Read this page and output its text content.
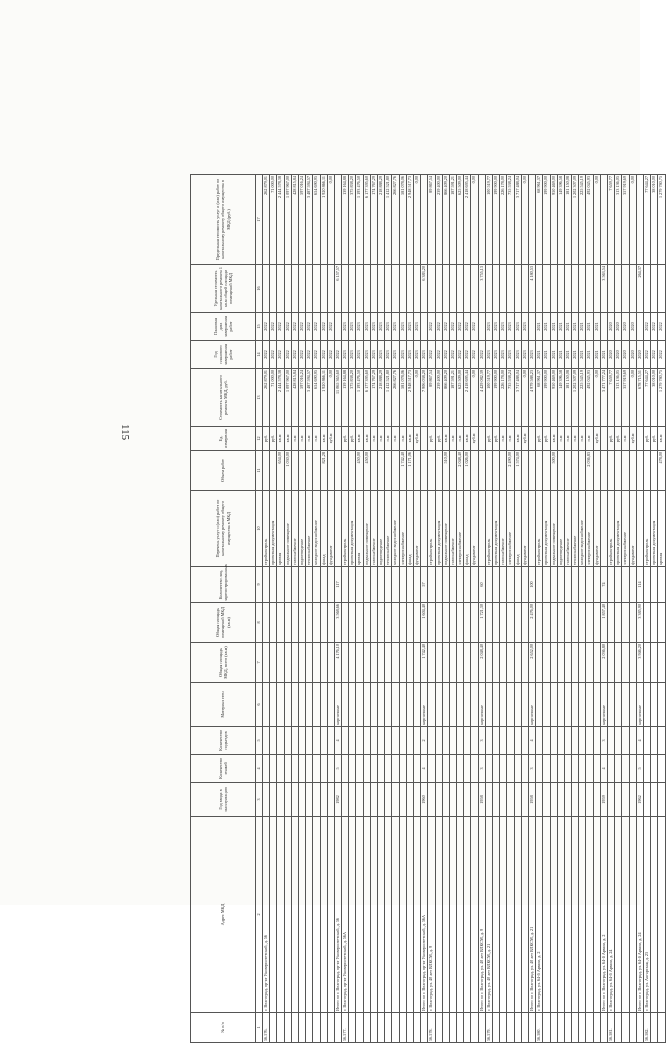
115
№ п/п	Адрес МКД	Год ввода в эксплуатацию	Количество этажей	Количество подъездов	Материал стен	Общая площадь МКД, всего (кв.м)	Общая площадь помещений МКД (кв.м)	Количество лиц, зарегистрированных	Перечень услуг и (или) работ по капитальному ремонту общего имущества в МКД	Объем работ	Ед. измерения	Стоимость капитального ремонта МКД, руб.	Год планового завершения работ	Плановая дата завершения работ	Удельная стоимость капитального ремонта 1 кв.м общей площади помещений МКД	Предельная стоимость услуг и (или) работ по капитальному ремонту общего имущества в МКД (руб.)
1	2	3	4	5	6	7	8	9	10	11	12	13	14	15	16	17
56.576.	г. Волгоград, пр-кт Университетский, д. 56								стройконтроль		руб.	262 879,01	2022	2022		262 879,01
									проектная документация		руб.	71 000,00	2022	2022		71 000,00
									кровля	654,00	кв.м	2 444 578,38	2022	2022		2 444 578,38
									подвальное помещение	1 030,00	кв.м	1 097 967,00	2022	2022		1 097 967,00
									газоснабжение		п.м	428 815,84	2022	2022		428 815,84
									водоотведение		п.м	597 016,24	2022	2022		597 016,24
									теплоснабжение		п.м	3 487 594,57	2022	2022		3 487 594,57
									холодное водоснабжение		п.м	654 690,95	2022	2022		654 690,95
									фасад	821,28	кв.м	1 920 866,11	2022	2022		1 920 866,11
									фундамент		куб.м	0,00	2022	2022		0,00
	Итого по г. Волгоград, пр-кт Университетский, д. 56	1982	5	4	кирпичные	4 176,10	3 568,66	117				11 065 365,60	2022		6 157,57	
56.577.	г. Волгоград, пр-кт Университетский, д. 56А								стройконтроль		руб.	139 164,88	2023	2023		139 164,88
									проектная документация		руб.	375 838,20	2023	2023		375 838,20
									кровля	450,00	кв.м	1 193 476,50	2023	2023		1 193 476,50
									подвальное помещение	450,00	кв.м	6 177 395,60	2023	2023		6 177 395,60
									газоснабжение		п.м	174 767,29	2023	2023		174 767,29
									водоотведение		п.м	218 888,29	2023	2023		218 888,29
									теплоснабжение		п.м	1 412 521,80	2023	2023		1 412 521,80
									холодное водоснабжение		п.м	266 827,76	2023	2023		266 827,76
									электроснабжение	1 742,40	п.м	581 078,06	2023	2023		581 078,06
									фасад	1 171,06	кв.м	2 948 517,73	2023	2023		2 948 517,73
									фундамент		куб.м	0,00	2023	2023		0,00
	Итого по г. Волгоград, пр-кт Университетский, д. 56А	1960	4	2	кирпичные	1 742,40	1 604,40	57				7 906 038,20	2023		6 383,20	
56.578.	г. Волгоград, ул. 40 лет ВЛКСМ, д. 9								стройконтроль		руб.	89 867,54	2022	2022		89 867,54
									проектная документация		руб.	239 400,00	2022	2022		239 400,00
									подвальное помещение	510,00	кв.м	866 409,20	2022	2022		866 409,20
									газоснабжение		п.м	187 591,21	2022	2022		187 591,21
									электроснабжение	2 048,40	п.м	625 509,00	2022	2022		625 509,00
									фасад	1 026,00	кв.м	2 418 695,44	2022	2022		2 418 695,44
									фундамент		куб.м	0,00	2022	2022		0,00
	Итого по г. Волгоград, ул. 40 лет ВЛКСМ, д. 9	1958	3	3	кирпичные	2 048,40	1 721,30	60				4 429 082,39	2022		3 755,13	
56.579.	г. Волгоград, ул. 40 лет ВЛКСМ, д. 21								стройконтроль		руб.	100 519,77	2023	2023		100 519,77
									проектная документация		руб.	199 900,00	2023	2023		199 900,00
									газоснабжение		п.м	226 178,00	2023	2023		226 178,00
									электроснабжение	2 490,00	п.м	735 538,24	2023	2023		735 538,24
									фасад	1 574,00	кв.м	3 717 488,04	2023	2023		3 717 488,04
									фундамент		куб.м	0,00	2023	2023		0,00
	Итого по г. Волгоград, ул. 40 лет ВЛКСМ, д. 21	1958	3	4	кирпичные	2 652,00	2 476,00	100				4 979 588,23	2023		4 180,53	
56.580.	г. Волгоград, ул. 64-й Армии, д. 2								стройконтроль		руб.	68 961,37	2021	2021		68 961,37
									проектная документация		руб.	199 900,00	2021	2021		199 900,00
									подвальное помещение	500,00	кв.м	950 469,00	2021	2021		950 469,00
									водоотведение		п.м	149 396,58	2021	2021		149 396,58
									газоснабжение		п.м	181 150,08	2021	2021		181 150,08
									теплоснабжение		п.м	1 202 307,09	2021	2021		1 202 307,09
									холодное водоснабжение		п.м	225 545,19	2021	2021		225 545,19
									электроснабжение	2 036,83	п.м	492 045,93	2021	2021		492 045,93
									фундамент		куб.м	0,00	2021	2021		0,00
	Итого по г. Волгоград, ул. 64-й Армии, д. 2	1959	4	3	кирпичные	2 036,80	1 857,40	74				3 471 777,24	2021		3 563,54	
56.581.	г. Волгоград, ул. 64-й Армии, д. 24								стройконтроль		руб.	7 659,77	2020	2020		7 659,77
									проектная документация		руб.	313 136,05	2020	2020		313 136,05
									электроснабжение		п.м	357 919,69	2020	2020		357 919,69
									фундамент		куб.м	0,00	2020	2020		0,00
	Итого по г. Волгоград, ул. 64-й Армии, д. 24	1962	5	4	кирпичные	3 946,20	3 385,90	114				678 715,51	2020		264,37	
56.582.	г. Волгоград, ул. Ангарская, д. 23								стройконтроль		руб.	77 644,27	2022	2022		77 644,27
									проектная документация		руб.	38 010,00	2022	2022		38 010,00
									кровля	478,00	кв.м	1 279 780,75	2022	2022		1 279 780,75
